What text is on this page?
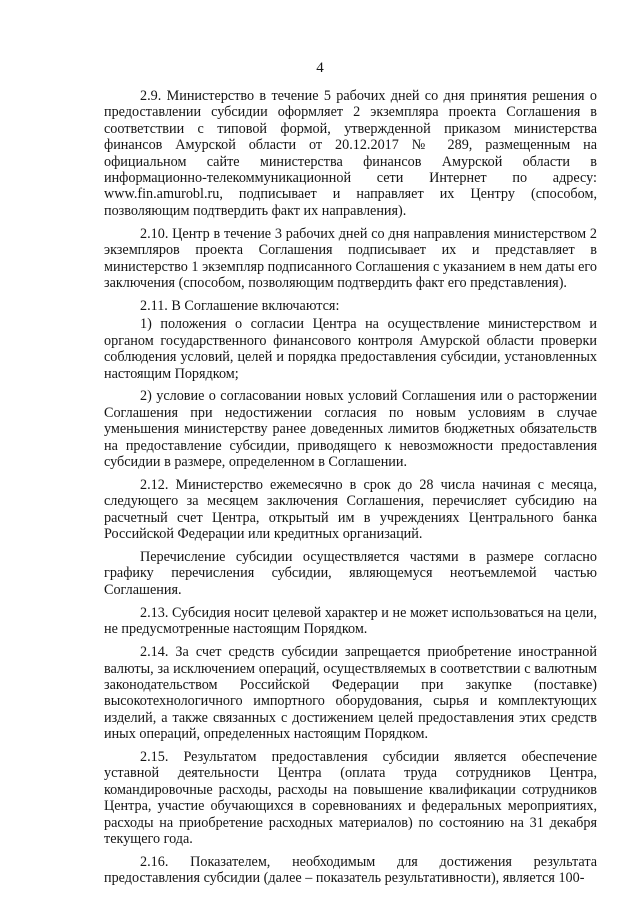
4

2.9. Министерство в течение 5 рабочих дней со дня принятия решения о предоставлении субсидии оформляет 2 экземпляра проекта Соглашения в соответствии с типовой формой, утвержденной приказом министерства финансов Амурской области от 20.12.2017 № 289, размещенным на официальном сайте министерства финансов Амурской области в информационно-телекоммуникационной сети Интернет по адресу: www.fin.amurobl.ru, подписывает и направляет их Центру (способом, позволяющим подтвердить факт их направления).

2.10. Центр в течение 3 рабочих дней со дня направления министерством 2 экземпляров проекта Соглашения подписывает их и представляет в министерство 1 экземпляр подписанного Соглашения с указанием в нем даты его заключения (способом, позволяющим подтвердить факт его представления).

2.11. В Соглашение включаются:

1) положения о согласии Центра на осуществление министерством и органом государственного финансового контроля Амурской области проверки соблюдения условий, целей и порядка предоставления субсидии, установленных настоящим Порядком;

2) условие о согласовании новых условий Соглашения или о расторжении Соглашения при недостижении согласия по новым условиям в случае уменьшения министерству ранее доведенных лимитов бюджетных обязательств на предоставление субсидии, приводящего к невозможности предоставления субсидии в размере, определенном в Соглашении.

2.12. Министерство ежемесячно в срок до 28 числа начиная с месяца, следующего за месяцем заключения Соглашения, перечисляет субсидию на расчетный счет Центра, открытый им в учреждениях Центрального банка Российской Федерации или кредитных организаций.

Перечисление субсидии осуществляется частями в размере согласно графику перечисления субсидии, являющемуся неотъемлемой частью Соглашения.

2.13. Субсидия носит целевой характер и не может использоваться на цели, не предусмотренные настоящим Порядком.

2.14. За счет средств субсидии запрещается приобретение иностранной валюты, за исключением операций, осуществляемых в соответствии с валютным законодательством Российской Федерации при закупке (поставке) высокотехнологичного импортного оборудования, сырья и комплектующих изделий, а также связанных с достижением целей предоставления этих средств иных операций, определенных настоящим Порядком.

2.15. Результатом предоставления субсидии является обеспечение уставной деятельности Центра (оплата труда сотрудников Центра, командировочные расходы, расходы на повышение квалификации сотрудников Центра, участие обучающихся в соревнованиях и федеральных мероприятиях, расходы на приобретение расходных материалов) по состоянию на 31 декабря текущего года.

2.16. Показателем, необходимым для достижения результата предоставления субсидии (далее – показатель результативности), является 100-
